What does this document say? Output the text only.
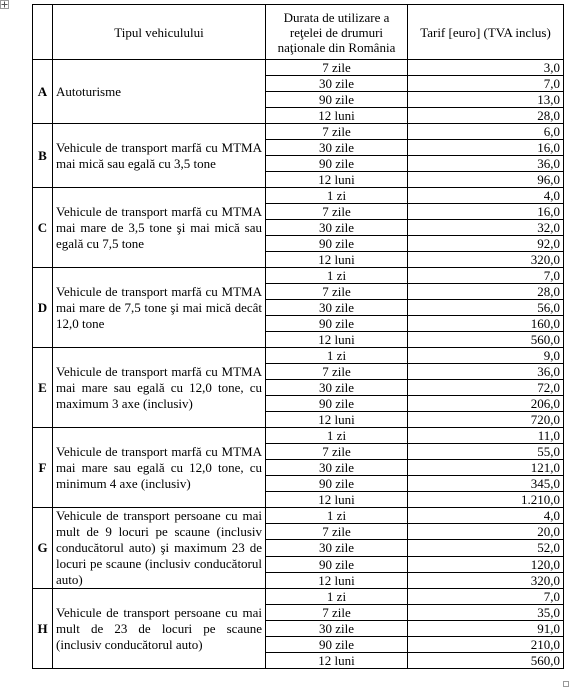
	Tipul vehiculului	Durata de utilizare a reţelei de drumuri naţionale din România	Tarif [euro] (TVA inclus)
A	Autoturisme	7 zile	3,0
		30 zile	7,0
		90 zile	13,0
		12 luni	28,0
B	Vehicule de transport marfă cu MTMA mai mică sau egală cu 3,5 tone	7 zile	6,0
		30 zile	16,0
		90 zile	36,0
		12 luni	96,0
C	Vehicule de transport marfă cu MTMA mai mare de 3,5 tone şi mai mică sau egală cu 7,5 tone	1 zi	4,0
		7 zile	16,0
		30 zile	32,0
		90 zile	92,0
		12 luni	320,0
D	Vehicule de transport marfă cu MTMA mai mare de 7,5 tone şi mai mică decât 12,0 tone	1 zi	7,0
		7 zile	28,0
		30 zile	56,0
		90 zile	160,0
		12 luni	560,0
E	Vehicule de transport marfă cu MTMA mai mare sau egală cu 12,0 tone, cu maximum 3 axe (inclusiv)	1 zi	9,0
		7 zile	36,0
		30 zile	72,0
		90 zile	206,0
		12 luni	720,0
F	Vehicule de transport marfă cu MTMA mai mare sau egală cu 12,0 tone, cu minimum 4 axe (inclusiv)	1 zi	11,0
		7 zile	55,0
		30 zile	121,0
		90 zile	345,0
		12 luni	1.210,0
G	Vehicule de transport persoane cu mai mult de 9 locuri pe scaune (inclusiv conducătorul auto) şi maximum 23 de locuri pe scaune (inclusiv conducătorul auto)	1 zi	4,0
		7 zile	20,0
		30 zile	52,0
		90 zile	120,0
		12 luni	320,0
H	Vehicule de transport persoane cu mai mult de 23 de locuri pe scaune (inclusiv conducătorul auto)	1 zi	7,0
		7 zile	35,0
		30 zile	91,0
		90 zile	210,0
		12 luni	560,0
